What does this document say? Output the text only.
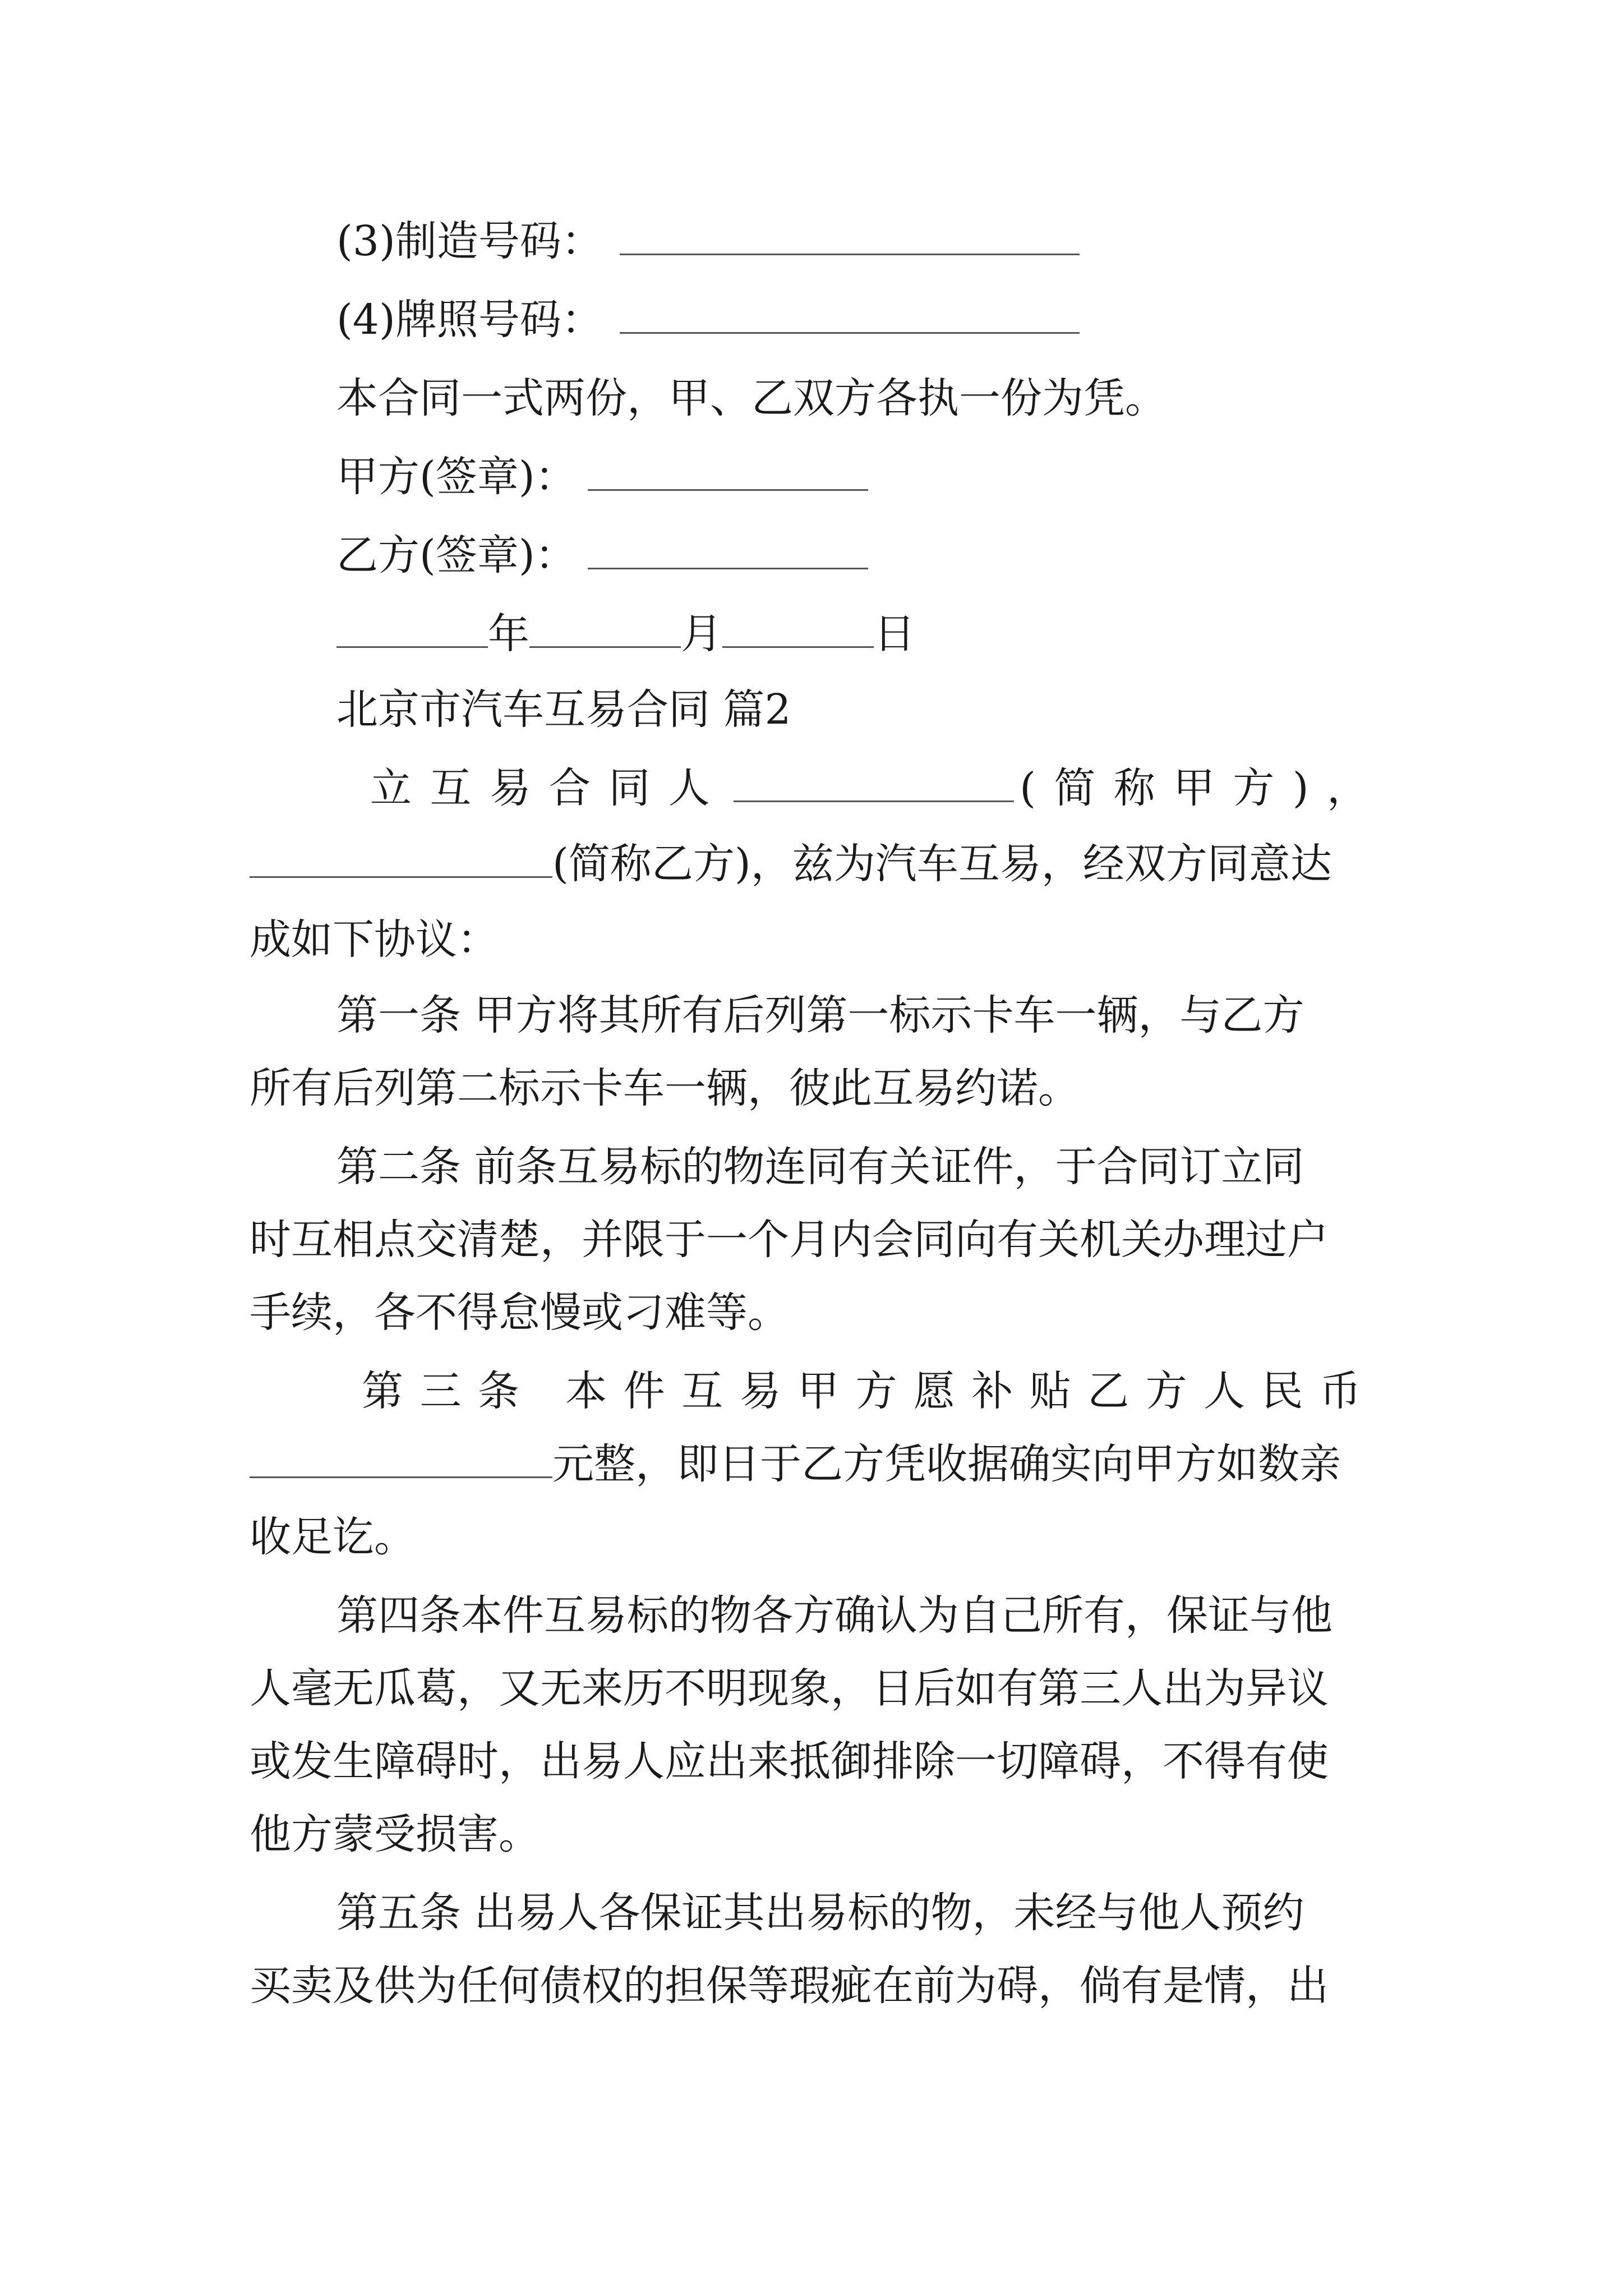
(3)制造号码：
(4)牌照号码：
本合同一式两份，甲、乙双方各执一份为凭。
甲方(签章)：
乙方(签章)：
年	月	日
北京市汽车互易合同 篇2
立互易合同人	(简称甲方)，
(简称乙方)，兹为汽车互易，经双方同意达
成如下协议：
第一条 甲方将其所有后列第一标示卡车一辆，与乙方
所有后列第二标示卡车一辆，彼此互易约诺。
第二条 前条互易标的物连同有关证件，于合同订立同
时互相点交清楚，并限于一个月内会同向有关机关办理过户
手续，各不得怠慢或刁难等。
第三条 本件互易甲方愿补贴乙方人民币
元整，即日于乙方凭收据确实向甲方如数亲
收足讫。
第四条本件互易标的物各方确认为自己所有，保证与他
人毫无瓜葛，又无来历不明现象，日后如有第三人出为异议
或发生障碍时，出易人应出来抵御排除一切障碍，不得有使
他方蒙受损害。
第五条 出易人各保证其出易标的物，未经与他人预约
买卖及供为任何债权的担保等瑕疵在前为碍，倘有是情，出
